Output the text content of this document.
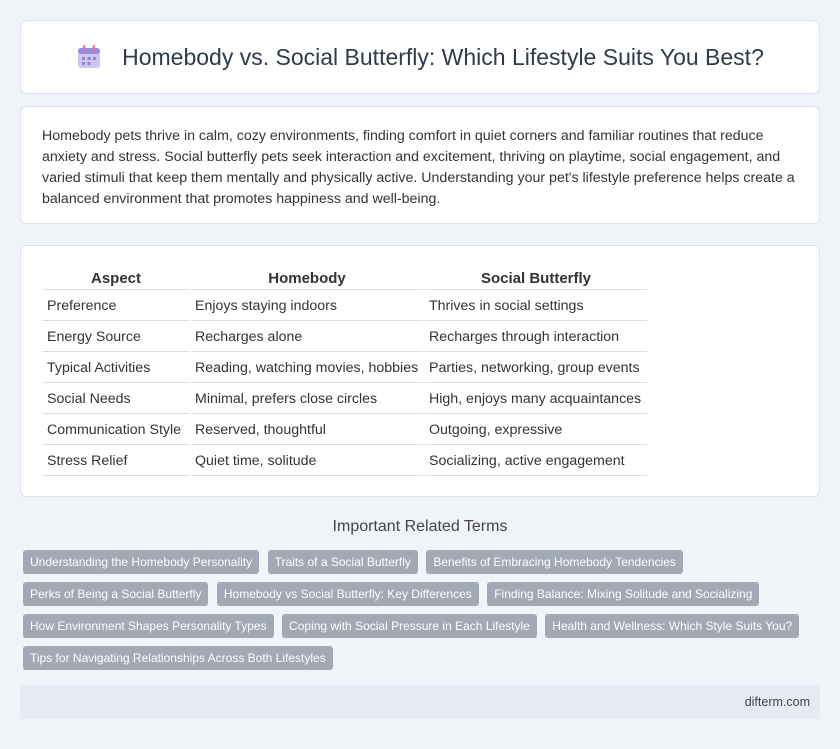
Homebody vs. Social Butterfly: Which Lifestyle Suits You Best?

Homebody pets thrive in calm, cozy environments, finding comfort in quiet corners and familiar routines that reduce anxiety and stress. Social butterfly pets seek interaction and excitement, thriving on playtime, social engagement, and varied stimuli that keep them mentally and physically active. Understanding your pet's lifestyle preference helps create a balanced environment that promotes happiness and well-being.

Aspect	Homebody	Social Butterfly
Preference	Enjoys staying indoors	Thrives in social settings
Energy Source	Recharges alone	Recharges through interaction
Typical Activities	Reading, watching movies, hobbies	Parties, networking, group events
Social Needs	Minimal, prefers close circles	High, enjoys many acquaintances
Communication Style	Reserved, thoughtful	Outgoing, expressive
Stress Relief	Quiet time, solitude	Socializing, active engagement
Important Related Terms
Understanding the Homebody Personality Traits of a Social Butterfly Benefits of Embracing Homebody Tendencies
Perks of Being a Social Butterfly Homebody vs Social Butterfly: Key Differences Finding Balance: Mixing Solitude and Socializing
How Environment Shapes Personality Types Coping with Social Pressure in Each Lifestyle Health and Wellness: Which Style Suits You?
Tips for Navigating Relationships Across Both Lifestyles
difterm.com
